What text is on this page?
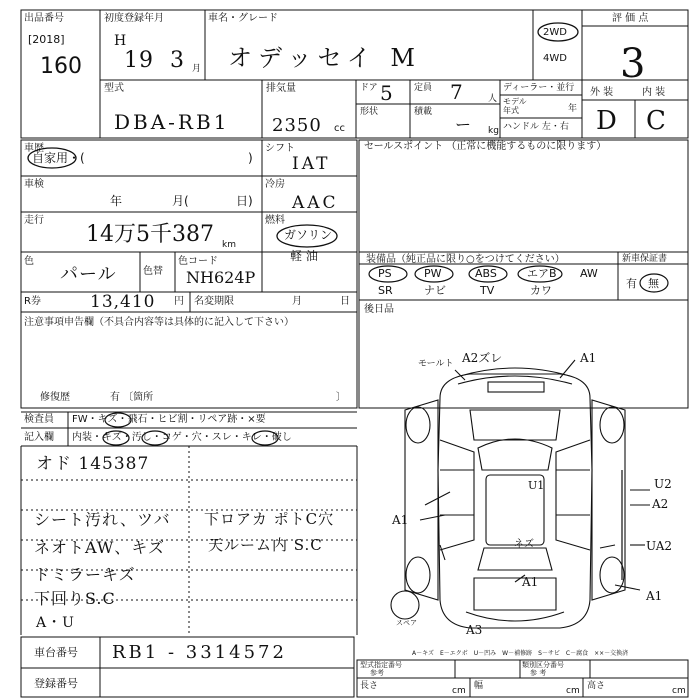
出品番号
[2018]
160
初度登録年月
H
19 3 月
車名・グレード
オデッセイ M
2WD
4WD
評 価 点
3
型式
DBA-RB1
排気量
2350 cc
ドア 5 定員 7	人
形状	積載
ー kg
ディーラー・並行
モデル
年式	年
ハンドル 左・右
外 装	内 装
D C
車歴
自家用・(	)
シフト
IAT
車検
年	月(	日)
冷房
AAC
走行
14万5千387 km
燃料
ガソリン
軽 油
色
パール	色替
色コード
NH624P
R券	13,410 円 名変期限	月	日
注意事項申告欄（不具合内容等は具体的に記入して下さい）
修復歴	有 〔箇所	〕
セールスポイント （正常に機能するものに限ります）
装備品（純正品に限り○をつけてください）	新車保証書
有 無
PS	PW	ABS	エアB AW
SR	ナビ	TV	カワ
後日品
モールト A2ズレ	A1
U1	U2
A2
A1
ネズ	UA2
A1
A1
A3
スペア
検査員 FW・キズ・飛石・ヒビ割・リペア跡・×要
記入欄 内装・キズ・汚し・コゲ・穴・スレ・キレ・破し
オド 145387
シート汚れ、ツバ
ネオトAW、キズ
ドミラーキズ
下回りS.C
A・U
下ロアカ ポトC穴
天ルーム内 S.C
車台番号 RB1 - 3314572
登録番号
A－キズ　E－エクボ　U－凹み　W－補修跡　S－サビ　C－腐食　××－交換済
型式指定番号
参考
類別区分番号
参 考
長さ	cm 幅	cm 高さ	cm
